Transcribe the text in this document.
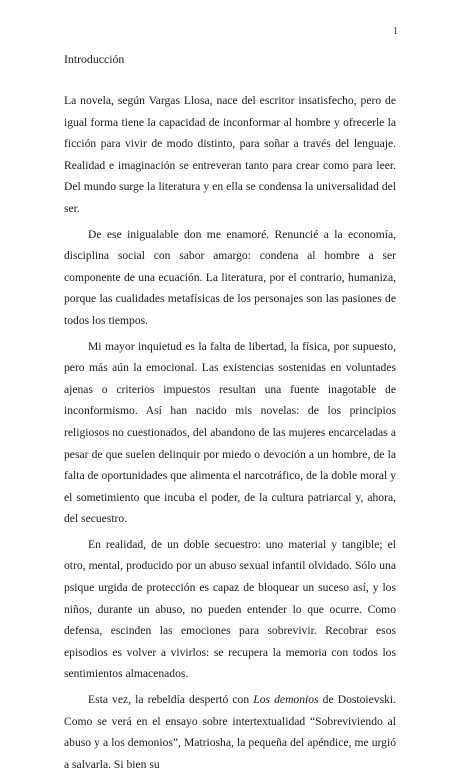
1
Introducción

La novela, según Vargas Llosa, nace del escritor insatisfecho, pero de igual forma tiene la capacidad de inconformar al hombre y ofrecerle la ficción para vivir de modo distinto, para soñar a través del lenguaje. Realidad e imaginación se entreveran tanto para crear como para leer. Del mundo surge la literatura y en ella se condensa la universalidad del ser.

De ese inigualable don me enamoré. Renuncié a la economía, disciplina social con sabor amargo: condena al hombre a ser componente de una ecuación. La literatura, por el contrario, humaniza, porque las cualidades metafísicas de los personajes son las pasiones de todos los tiempos.

Mi mayor inquietud es la falta de libertad, la física, por supuesto, pero más aún la emocional. Las existencias sostenidas en voluntades ajenas o criterios impuestos resultan una fuente inagotable de inconformismo. Así han nacido mis novelas: de los principios religiosos no cuestionados, del abandono de las mujeres encarceladas a pesar de que suelen delinquir por miedo o devoción a un hombre, de la falta de oportunidades que alimenta el narcotráfico, de la doble moral y el sometimiento que incuba el poder, de la cultura patriarcal y, ahora, del secuestro.

En realidad, de un doble secuestro: uno material y tangible; el otro, mental, producido por un abuso sexual infantil olvidado. Sólo una psique urgida de protección es capaz de bloquear un suceso así, y los niños, durante un abuso, no pueden entender lo que ocurre. Como defensa, escinden las emociones para sobrevivir. Recobrar esos episodios es volver a vivirlos: se recupera la memoria con todos los sentimientos almacenados.

Esta vez, la rebeldía despertó con Los demonios de Dostoievski. Como se verá en el ensayo sobre intertextualidad “Sobreviviendo al abuso y a los demonios”, Matriosha, la pequeña del apéndice, me urgió a salvarla. Si bien su
